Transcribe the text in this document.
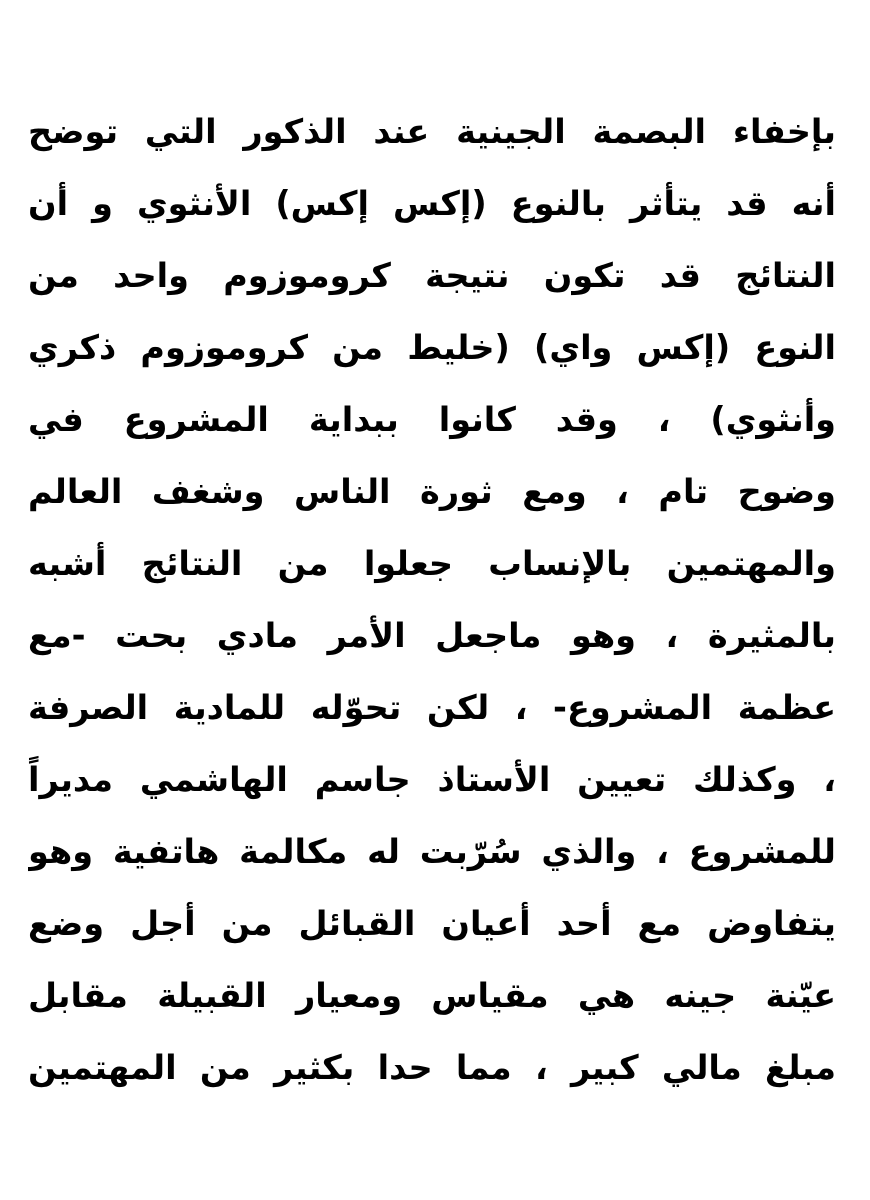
بإخفاء البصمة الجينية عند الذكور التي توضح
أنه قد يتأثر بالنوع (إكس إكس) الأنثوي و أن
النتائج قد تكون نتيجة كروموزوم واحد من
النوع (إكس واي) (خليط من كروموزوم ذكري
وأنثوي) ، وقد كانوا ببداية المشروع في
وضوح تام ، ومع ثورة الناس وشغف العالم
والمهتمين بالإنساب جعلوا من النتائج أشبه
بالمثيرة ، وهو ماجعل الأمر مادي بحت -مع
عظمة المشروع- ، لكن تحوّله للمادية الصرفة
، وكذلك تعيين الأستاذ جاسم الهاشمي مديراً
للمشروع ، والذي سُرّبت له مكالمة هاتفية وهو
يتفاوض مع أحد أعيان القبائل من أجل وضع
عيّنة جينه هي مقياس ومعيار القبيلة مقابل
مبلغ مالي كبير ، مما حدا بكثير من المهتمين
